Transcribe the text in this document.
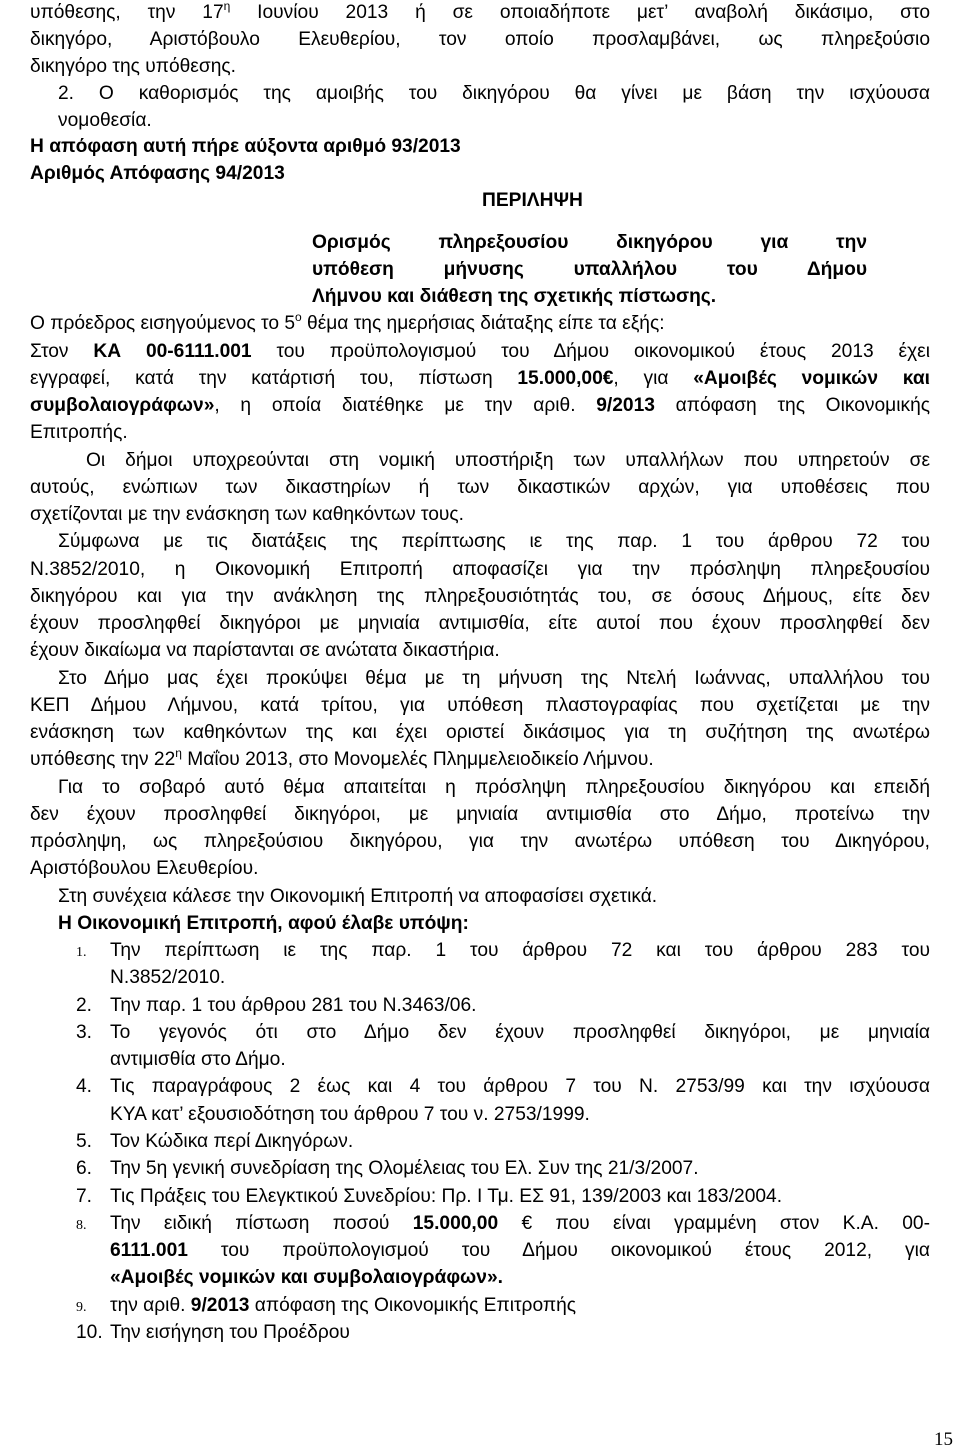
υπόθεσης, την $17^\eta$ Ιουνίου 2013 ή σε οποιαδήποτε μετ’ αναβολή δικάσιμο, στο
δικηγόρο, Αριστόβουλο Ελευθερίου, τον οποίο προσλαμβάνει, ως πληρεξούσιο
δικηγόρο της υπόθεσης.
2. Ο καθορισμός της αμοιβής του δικηγόρου θα γίνει με βάση την ισχύουσα
νομοθεσία.
Η απόφαση αυτή πήρε αύξοντα αριθμό 93/2013
Αριθμός Απόφασης 94/2013
ΠΕΡΙΛΗΨΗ
Ορισμός πληρεξουσίου δικηγόρου για την
υπόθεση μήνυσης υπαλλήλου του Δήμου
Λήμνου και διάθεση της σχετικής πίστωσης.
Ο πρόεδρος εισηγούμενος το $5^o$ θέμα της ημερήσιας διάταξης είπε τα εξής:
Στον ΚΑ 00-6111.001 του προϋπολογισμού του Δήμου οικονομικού έτους 2013 έχει
εγγραφεί, κατά την κατάρτισή του, πίστωση 15.000,00€, για «Αμοιβές νομικών και
συμβολαιογράφων», η οποία διατέθηκε με την αριθ. 9/2013 απόφαση της Οικονομικής
Επιτροπής.
Οι δήμοι υποχρεούνται στη νομική υποστήριξη των υπαλλήλων που υπηρετούν σε
αυτούς, ενώπιων των δικαστηρίων ή των δικαστικών αρχών, για υποθέσεις που
σχετίζονται με την ενάσκηση των καθηκόντων τους.
Σύμφωνα με τις διατάξεις της περίπτωσης ιε της παρ. 1 του άρθρου 72 του
Ν.3852/2010, η Οικονομική Επιτροπή αποφασίζει για την πρόσληψη πληρεξουσίου
δικηγόρου και για την ανάκληση της πληρεξουσιότητάς του, σε όσους Δήμους, είτε δεν
έχουν προσληφθεί δικηγόροι με μηνιαία αντιμισθία, είτε αυτοί που έχουν προσληφθεί δεν
έχουν δικαίωμα να παρίστανται σε ανώτατα δικαστήρια.
Στο Δήμο μας έχει προκύψει θέμα με τη μήνυση της Ντελή Ιωάννας, υπαλλήλου του
ΚΕΠ Δήμου Λήμνου, κατά τρίτου, για υπόθεση πλαστογραφίας που σχετίζεται με την
ενάσκηση των καθηκόντων της και έχει οριστεί δικάσιμος για τη συζήτηση της ανωτέρω
υπόθεσης την $22^\eta$ Μαΐου 2013, στο Μονομελές Πλημμελειοδικείο Λήμνου.
Για το σοβαρό αυτό θέμα απαιτείται η πρόσληψη πληρεξουσίου δικηγόρου και επειδή
δεν έχουν προσληφθεί δικηγόροι, με μηνιαία αντιμισθία στο Δήμο, προτείνω την
πρόσληψη, ως πληρεξούσιου δικηγόρου, για την ανωτέρω υπόθεση του Δικηγόρου,
Αριστόβουλου Ελευθερίου.
Στη συνέχεια κάλεσε την Οικονομική Επιτροπή να αποφασίσει σχετικά.
Η Οικονομική Επιτροπή, αφού έλαβε υπόψη:
1. Την περίπτωση ιε της παρ. 1 του άρθρου 72 και του άρθρου 283 του
Ν.3852/2010.
2. Την παρ. 1 του άρθρου 281 του Ν.3463/06.
3. Το γεγονός ότι στο Δήμο δεν έχουν προσληφθεί δικηγόροι, με μηνιαία
αντιμισθία στο Δήμο.
4. Τις παραγράφους 2 έως και 4 του άρθρου 7 του Ν. 2753/99 και την ισχύουσα
ΚΥΑ κατ’ εξουσιοδότηση του άρθρου 7 του ν. 2753/1999.
5. Τον Κώδικα περί Δικηγόρων.
6. Την 5η γενική συνεδρίαση της Ολομέλειας του Ελ. Συν της 21/3/2007.
7. Τις Πράξεις του Ελεγκτικού Συνεδρίου: Πρ. Ι Τμ. ΕΣ 91, 139/2003 και 183/2004.
8. Την ειδική πίστωση ποσού 15.000,00 € που είναι γραμμένη στον Κ.Α. 00-
6111.001 του προϋπολογισμού του Δήμου οικονομικού έτους 2012, για
«Αμοιβές νομικών και συμβολαιογράφων».
9. την αριθ. 9/2013 απόφαση της Οικονομικής Επιτροπής
10. Την εισήγηση του Προέδρου
15
